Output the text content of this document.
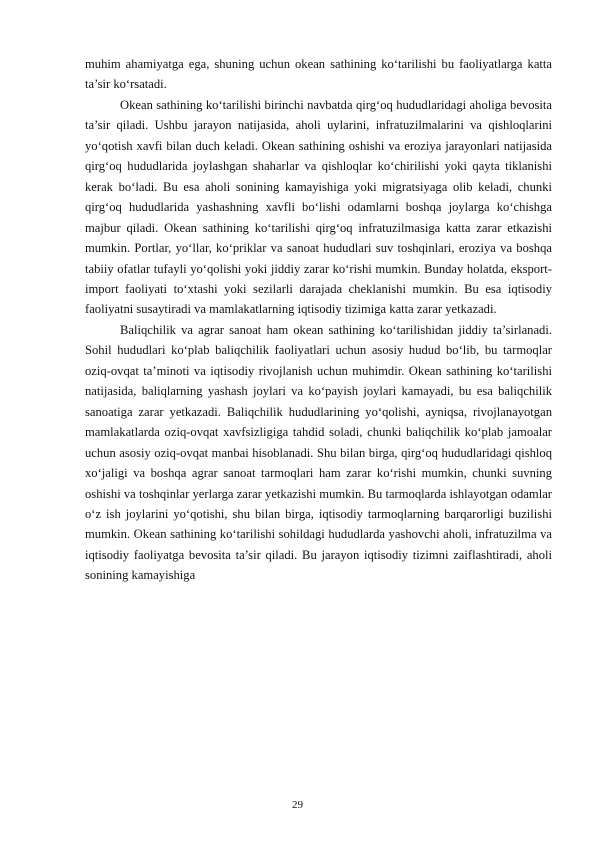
muhim ahamiyatga ega, shuning uchun okean sathining ko‘tarilishi bu faoliyatlarga katta ta’sir ko‘rsatadi.

Okean sathining ko‘tarilishi birinchi navbatda qirg‘oq hududlaridagi aholiga bevosita ta’sir qiladi. Ushbu jarayon natijasida, aholi uylarini, infratuzilmalarini va qishloqlarini yo‘qotish xavfi bilan duch keladi. Okean sathining oshishi va eroziya jarayonlari natijasida qirg‘oq hududlarida joylashgan shaharlar va qishloqlar ko‘chirilishi yoki qayta tiklanishi kerak bo‘ladi. Bu esa aholi sonining kamayishiga yoki migratsiyaga olib keladi, chunki qirg‘oq hududlarida yashashning xavfli bo‘lishi odamlarni boshqa joylarga ko‘chishga majbur qiladi. Okean sathining ko‘tarilishi qirg‘oq infratuzilmasiga katta zarar etkazishi mumkin. Portlar, yo‘llar, ko‘priklar va sanoat hududlari suv toshqinlari, eroziya va boshqa tabiiy ofatlar tufayli yo‘qolishi yoki jiddiy zarar ko‘rishi mumkin. Bunday holatda, eksport-import faoliyati to‘xtashi yoki sezilarli darajada cheklanishi mumkin. Bu esa iqtisodiy faoliyatni susaytiradi va mamlakatlarning iqtisodiy tizimiga katta zarar yetkazadi.

Baliqchilik va agrar sanoat ham okean sathining ko‘tarilishidan jiddiy ta’sirlanadi. Sohil hududlari ko‘plab baliqchilik faoliyatlari uchun asosiy hudud bo‘lib, bu tarmoqlar oziq-ovqat ta’minoti va iqtisodiy rivojlanish uchun muhimdir. Okean sathining ko‘tarilishi natijasida, baliqlarning yashash joylari va ko‘payish joylari kamayadi, bu esa baliqchilik sanoatiga zarar yetkazadi. Baliqchilik hududlarining yo‘qolishi, ayniqsa, rivojlanayotgan mamlakatlarda oziq-ovqat xavfsizligiga tahdid soladi, chunki baliqchilik ko‘plab jamoalar uchun asosiy oziq-ovqat manbai hisoblanadi. Shu bilan birga, qirg‘oq hududlaridagi qishloq xo‘jaligi va boshqa agrar sanoat tarmoqlari ham zarar ko‘rishi mumkin, chunki suvning oshishi va toshqinlar yerlarga zarar yetkazishi mumkin. Bu tarmoqlarda ishlayotgan odamlar o‘z ish joylarini yo‘qotishi, shu bilan birga, iqtisodiy tarmoqlarning barqarorligi buzilishi mumkin. Okean sathining ko‘tarilishi sohildagi hududlarda yashovchi aholi, infratuzilma va iqtisodiy faoliyatga bevosita ta’sir qiladi. Bu jarayon iqtisodiy tizimni zaiflashtiradi, aholi sonining kamayishiga

29
